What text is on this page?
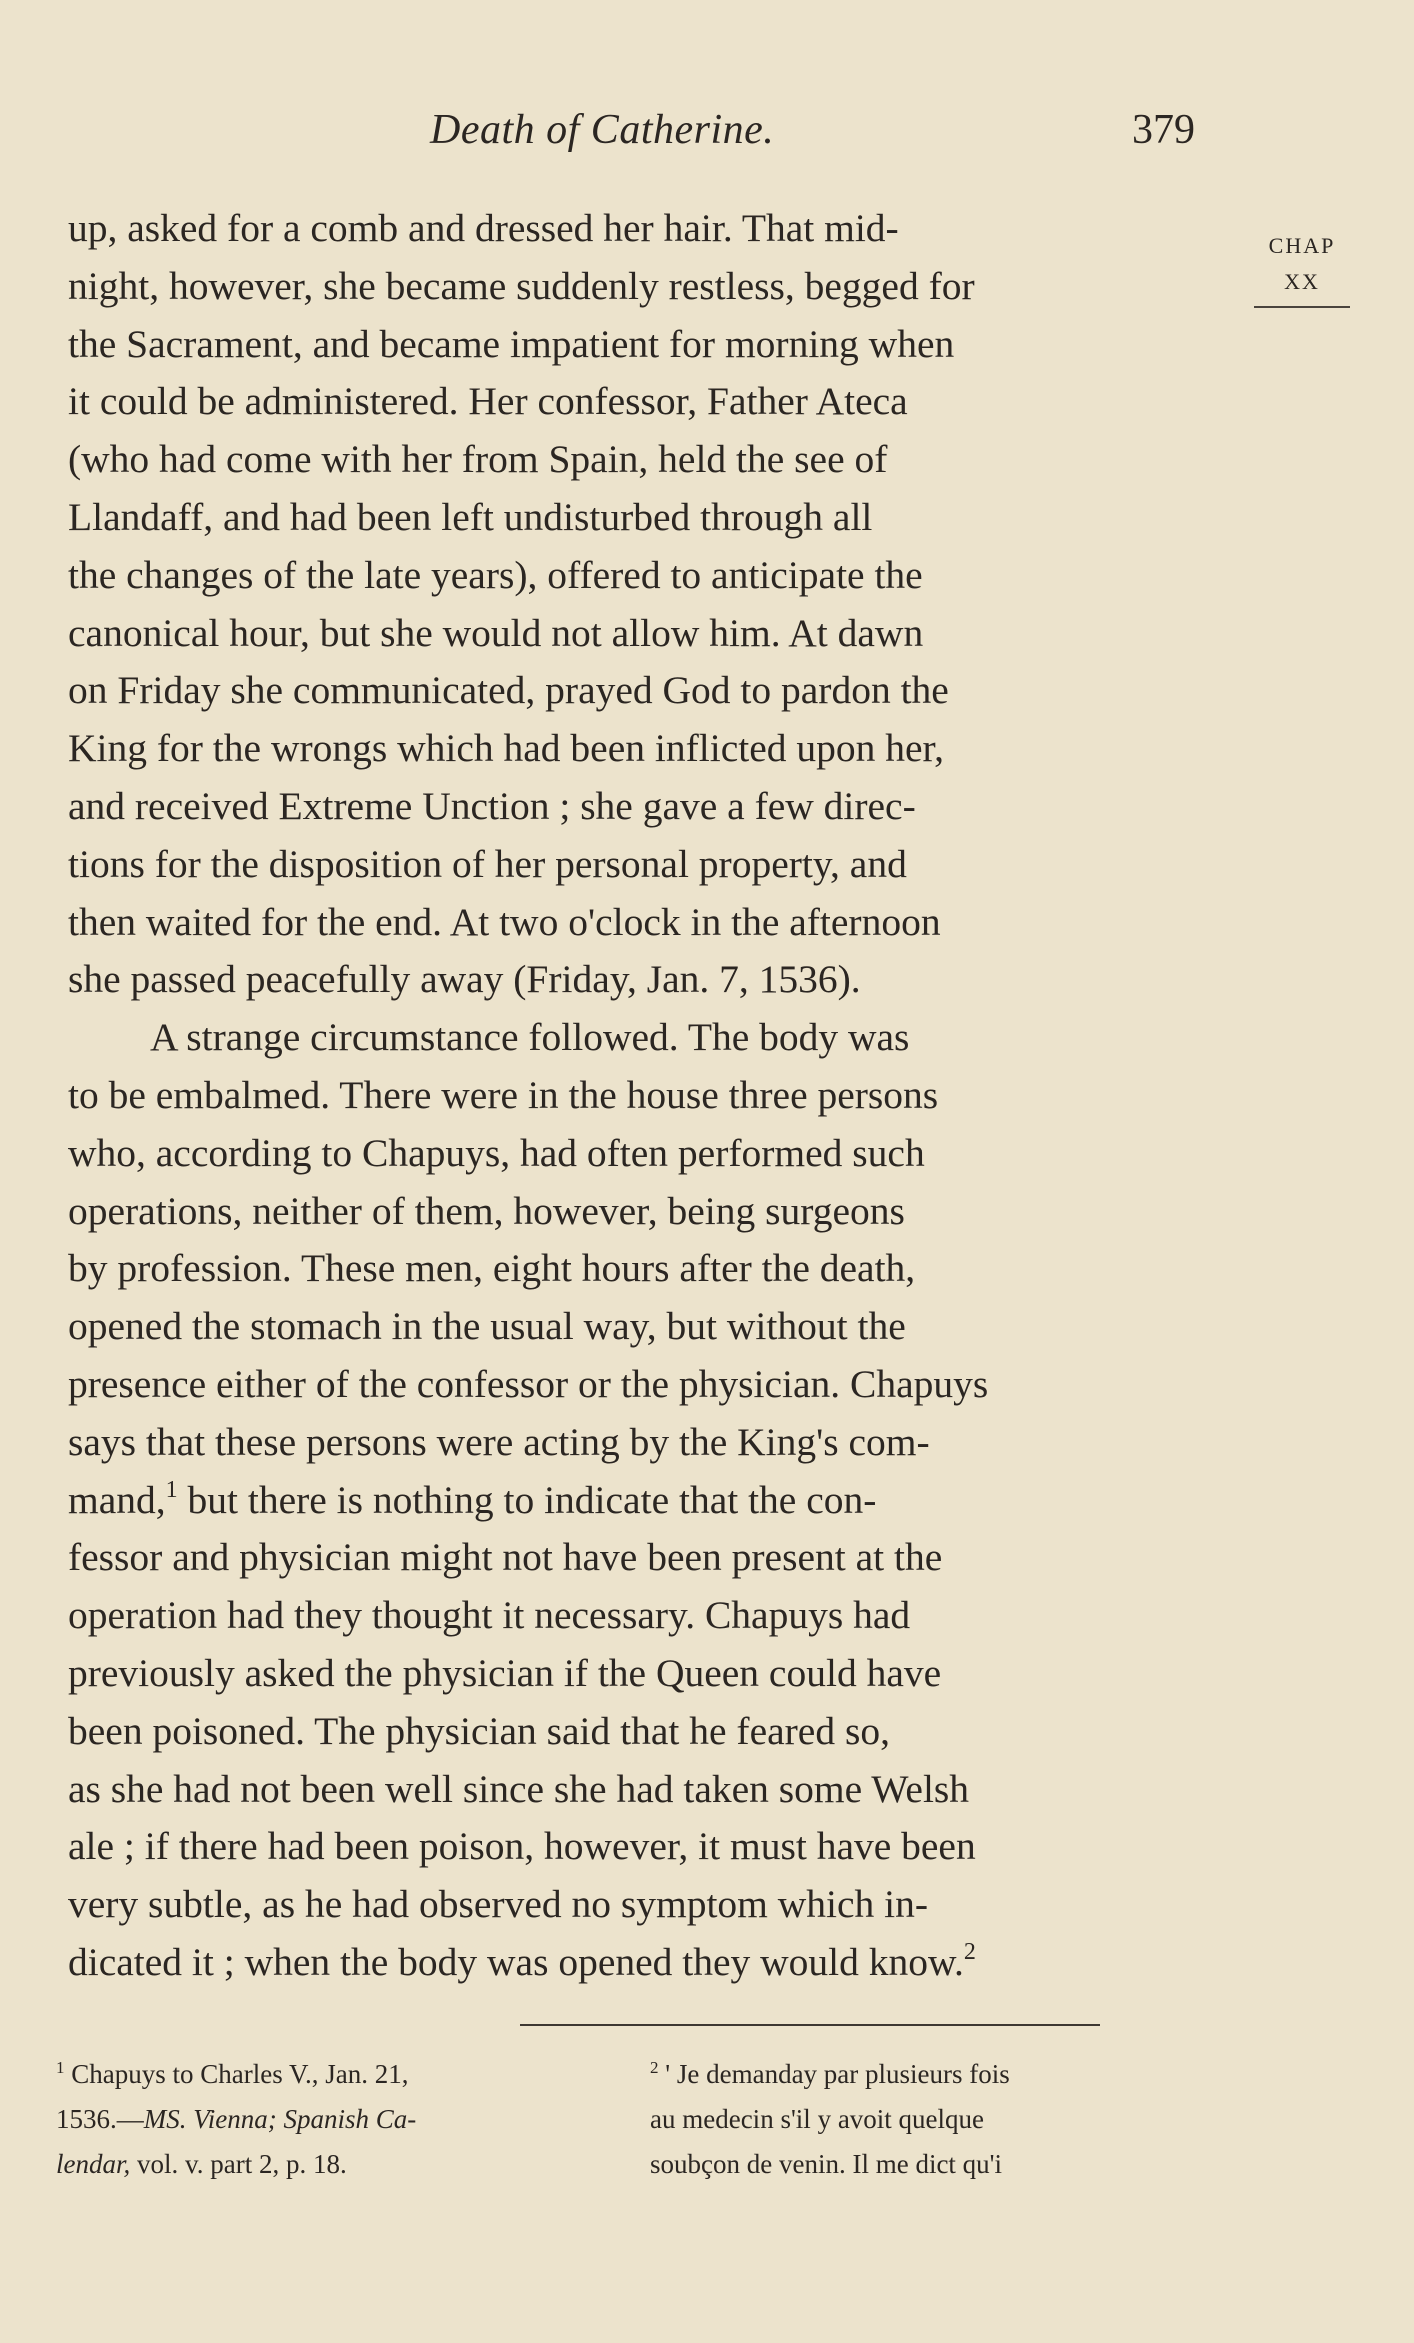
Death of Catherine.	379
CHAP
XX
up, asked for a comb and dressed her hair. That mid-
night, however, she became suddenly restless, begged for
the Sacrament, and became impatient for morning when
it could be administered. Her confessor, Father Ateca
(who had come with her from Spain, held the see of
Llandaff, and had been left undisturbed through all
the changes of the late years), offered to anticipate the
canonical hour, but she would not allow him. At dawn
on Friday she communicated, prayed God to pardon the
King for the wrongs which had been inflicted upon her,
and received Extreme Unction ; she gave a few direc-
tions for the disposition of her personal property, and
then waited for the end. At two o'clock in the afternoon
she passed peacefully away (Friday, Jan. 7, 1536).
A strange circumstance followed. The body was
to be embalmed. There were in the house three persons
who, according to Chapuys, had often performed such
operations, neither of them, however, being surgeons
by profession. These men, eight hours after the death,
opened the stomach in the usual way, but without the
presence either of the confessor or the physician. Chapuys
says that these persons were acting by the King's com-
mand,$^1$ but there is nothing to indicate that the con-
fessor and physician might not have been present at the
operation had they thought it necessary. Chapuys had
previously asked the physician if the Queen could have
been poisoned. The physician said that he feared so,
as she had not been well since she had taken some Welsh
ale ; if there had been poison, however, it must have been
very subtle, as he had observed no symptom which in-
dicated it ; when the body was opened they would know.$^2$
$^1$ Chapuys to Charles V., Jan. 21,
1536.—MS. Vienna; Spanish Ca-
lendar, vol. v. part 2, p. 18.
$^2$ ' Je demanday par plusieurs fois
au medecin s'il y avoit quelque
soubçon de venin. Il me dict qu'i
